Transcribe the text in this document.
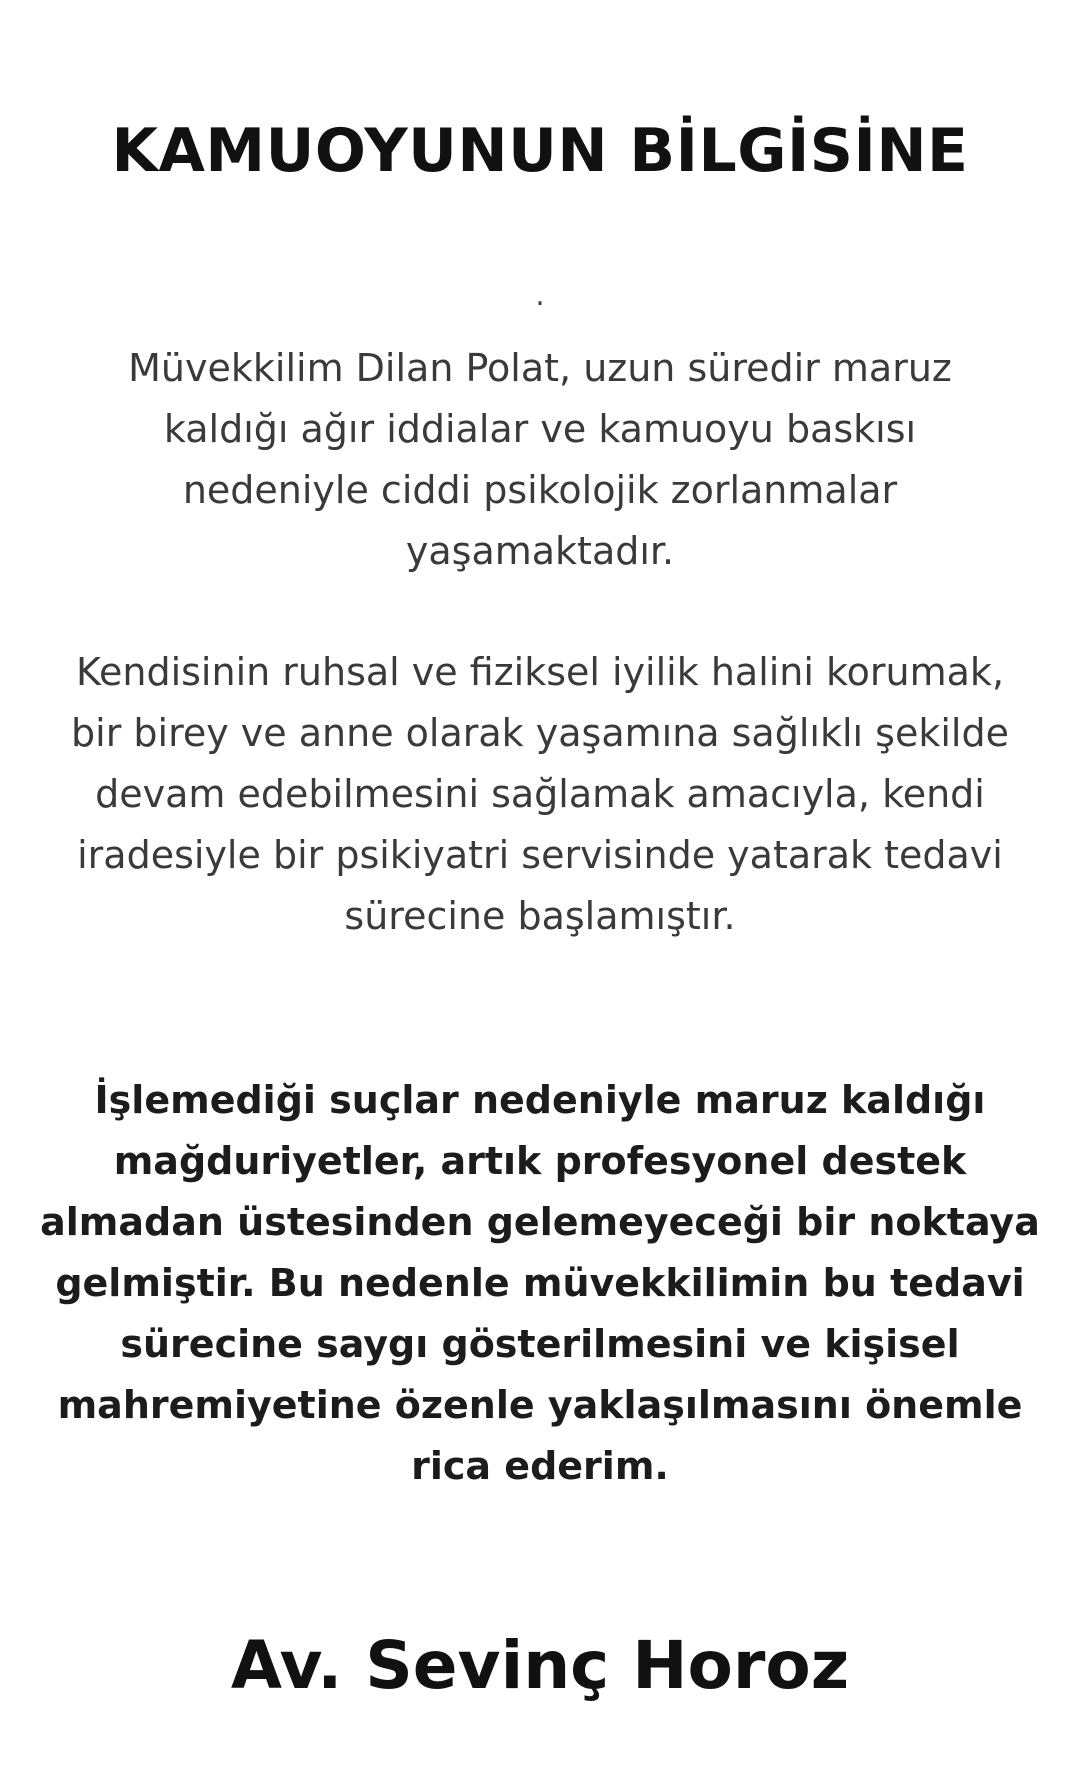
KAMUOYUNUN BİLGİSİNE
.

Müvekkilim Dilan Polat, uzun süredir maruz
kaldığı ağır iddialar ve kamuoyu baskısı
nedeniyle ciddi psikolojik zorlanmalar
yaşamaktadır.

Kendisinin ruhsal ve fiziksel iyilik halini korumak,
bir birey ve anne olarak yaşamına sağlıklı şekilde
devam edebilmesini sağlamak amacıyla, kendi
iradesiyle bir psikiyatri servisinde yatarak tedavi
sürecine başlamıştır.

İşlemediği suçlar nedeniyle maruz kaldığı
mağduriyetler, artık profesyonel destek
almadan üstesinden gelemeyeceği bir noktaya
gelmiştir. Bu nedenle müvekkilimin bu tedavi
sürecine saygı gösterilmesini ve kişisel
mahremiyetine özenle yaklaşılmasını önemle
rica ederim.

Av. Sevinç Horoz
